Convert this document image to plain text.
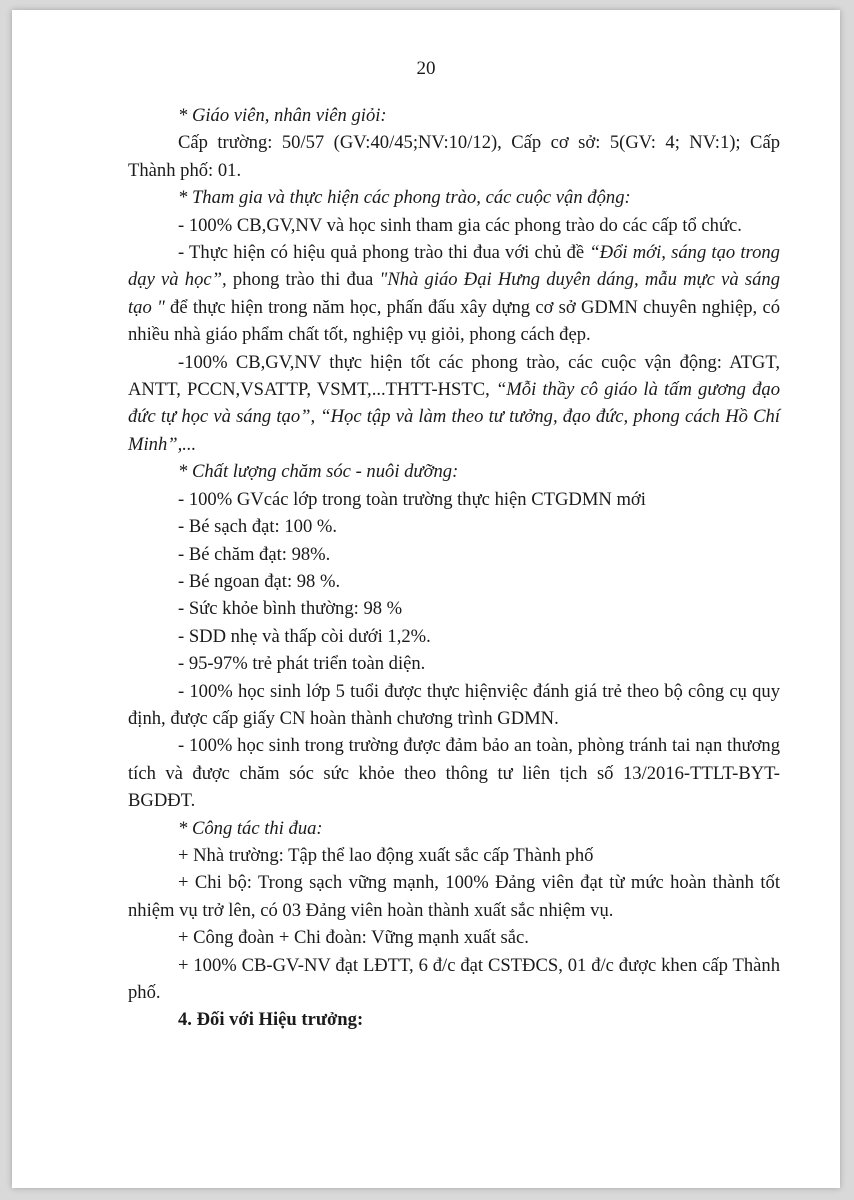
20

* Giáo viên, nhân viên giỏi:

Cấp trường: 50/57 (GV:40/45;NV:10/12), Cấp cơ sở: 5(GV: 4; NV:1); Cấp Thành phố: 01.

* Tham gia và thực hiện các phong trào, các cuộc vận động:

- 100% CB,GV,NV và học sinh tham gia các phong trào do các cấp tổ chức.

- Thực hiện có hiệu quả phong trào thi đua với chủ đề “Đổi mới, sáng tạo trong dạy và học”, phong trào thi đua "Nhà giáo Đại Hưng duyên dáng, mẫu mực và sáng tạo " để thực hiện trong năm học, phấn đấu xây dựng cơ sở GDMN chuyên nghiệp, có nhiều nhà giáo phẩm chất tốt, nghiệp vụ giỏi, phong cách đẹp.

-100% CB,GV,NV thực hiện tốt các phong trào, các cuộc vận động: ATGT, ANTT, PCCN,VSATTP, VSMT,...THTT-HSTC, “Mỗi thầy cô giáo là tấm gương đạo đức tự học và sáng tạo”, “Học tập và làm theo tư tưởng, đạo đức, phong cách Hồ Chí Minh”,...

* Chất lượng chăm sóc - nuôi dưỡng:

- 100% GVcác lớp trong toàn trường thực hiện CTGDMN mới

- Bé sạch đạt: 100 %.

- Bé chăm đạt: 98%.

- Bé ngoan đạt: 98 %.

- Sức khỏe bình thường: 98 %

- SDD nhẹ và thấp còi dưới 1,2%.

- 95-97% trẻ phát triển toàn diện.

- 100% học sinh lớp 5 tuổi được thực hiệnviệc đánh giá trẻ theo bộ công cụ quy định, được cấp giấy CN hoàn thành chương trình GDMN.

- 100% học sinh trong trường được đảm bảo an toàn, phòng tránh tai nạn thương tích và được chăm sóc sức khỏe theo thông tư liên tịch số 13/2016-TTLT-BYT-BGDĐT.

* Công tác thi đua:

+ Nhà trường: Tập thể lao động xuất sắc cấp Thành phố

+ Chi bộ: Trong sạch vững mạnh, 100% Đảng viên đạt từ mức hoàn thành tốt nhiệm vụ trở lên, có 03 Đảng viên hoàn thành xuất sắc nhiệm vụ.

+ Công đoàn + Chi đoàn: Vững mạnh xuất sắc.

+ 100% CB-GV-NV đạt LĐTT, 6 đ/c đạt CSTĐCS, 01 đ/c được khen cấp Thành phố.

4. Đối với Hiệu trưởng:
